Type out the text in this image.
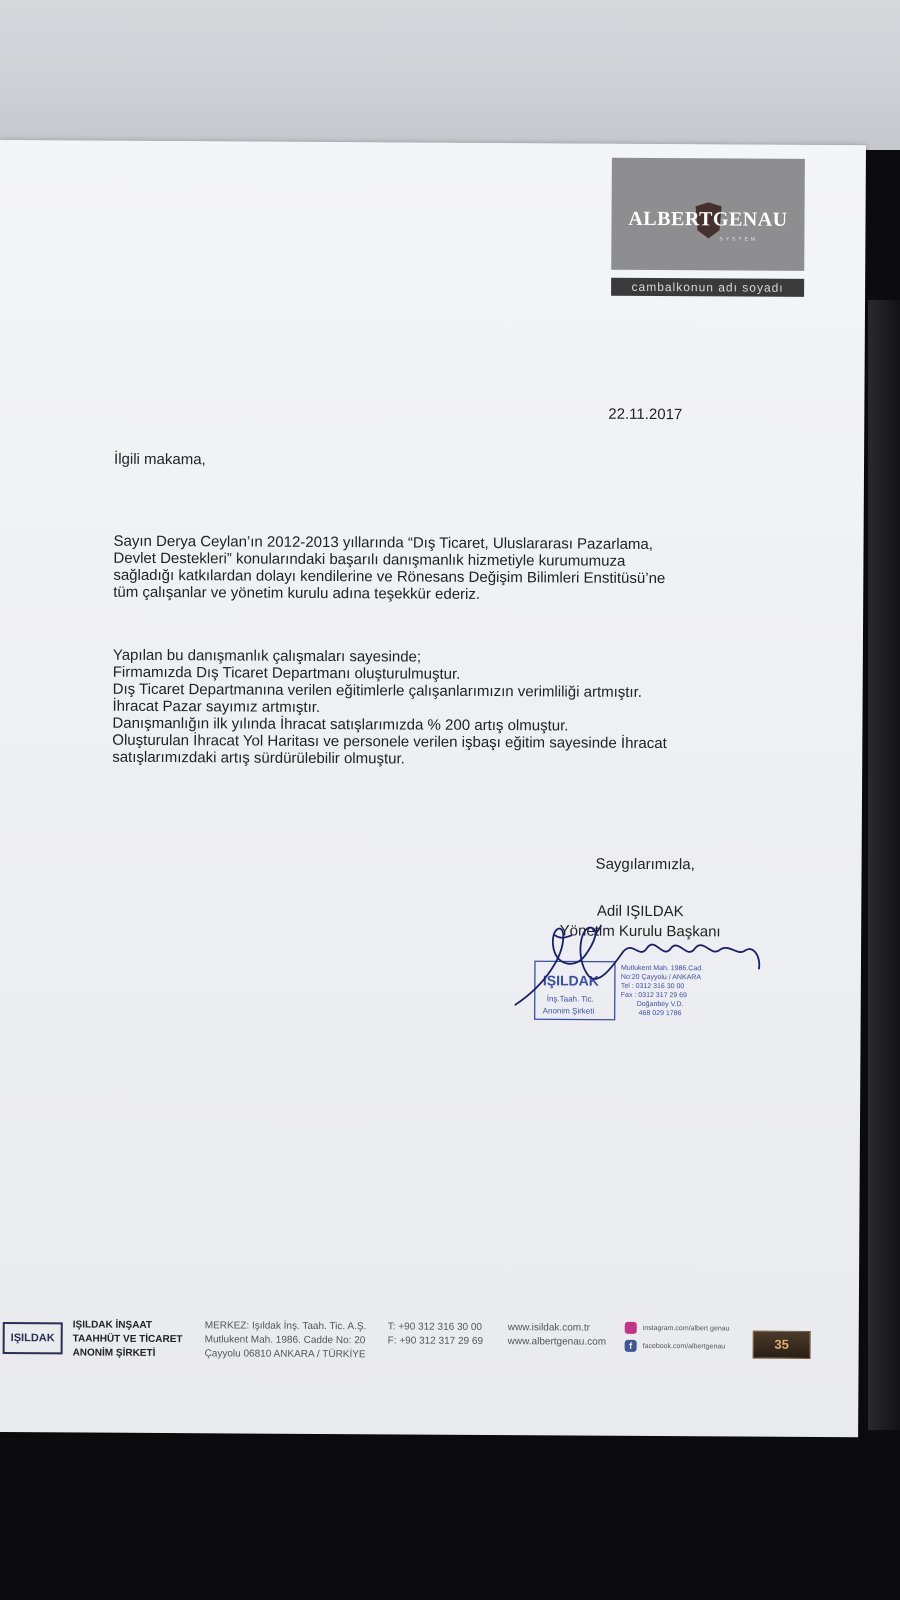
ALBERTGENAU
SYSTEM
cambalkonun adı soyadı
22.11.2017
İlgili makama,

Sayın Derya Ceylan’ın 2012-2013 yıllarında “Dış Ticaret, Uluslararası Pazarlama,

Devlet Destekleri” konularındaki başarılı danışmanlık hizmetiyle kurumumuza

sağladığı katkılardan dolayı kendilerine ve Rönesans Değişim Bilimleri Enstitüsü’ne

tüm çalışanlar ve yönetim kurulu adına teşekkür ederiz.

Yapılan bu danışmanlık çalışmaları sayesinde;
Firmamızda Dış Ticaret Departmanı oluşturulmuştur.
Dış Ticaret Departmanına verilen eğitimlerle çalışanlarımızın verimliliği artmıştır.
İhracat Pazar sayımız artmıştır.
Danışmanlığın ilk yılında İhracat satışlarımızda % 200 artış olmuştur.
Oluşturulan İhracat Yol Haritası ve personele verilen işbaşı eğitim sayesinde İhracat
satışlarımızdaki artış sürdürülebilir olmuştur.
Saygılarımızla,
Adil IŞILDAK
Yönetim Kurulu Başkanı
IŞILDAK
İnş.Taah. Tic.
Anonim Şirketi
Mutlukent Mah. 1986.Cad.
No:20 Çayyolu / ANKARA
Tel : 0312 316 30 00
Fax : 0312 317 29 69
Doğanbey V.D.
468 029 1786
IŞILDAK
IŞILDAK İNŞAAT
TAAHHÜT VE TİCARET
ANONİM ŞİRKETİ
MERKEZ: Işıldak İnş. Taah. Tic. A.Ş.
Mutlukent Mah. 1986. Cadde No: 20
Çayyolu 06810 ANKARA / TÜRKİYE
T: +90 312 316 30 00
F: +90 312 317 29 69
www.isildak.com.tr
www.albertgenau.com
instagram.com/albert genau
f facebook.com/albertgenau	35
